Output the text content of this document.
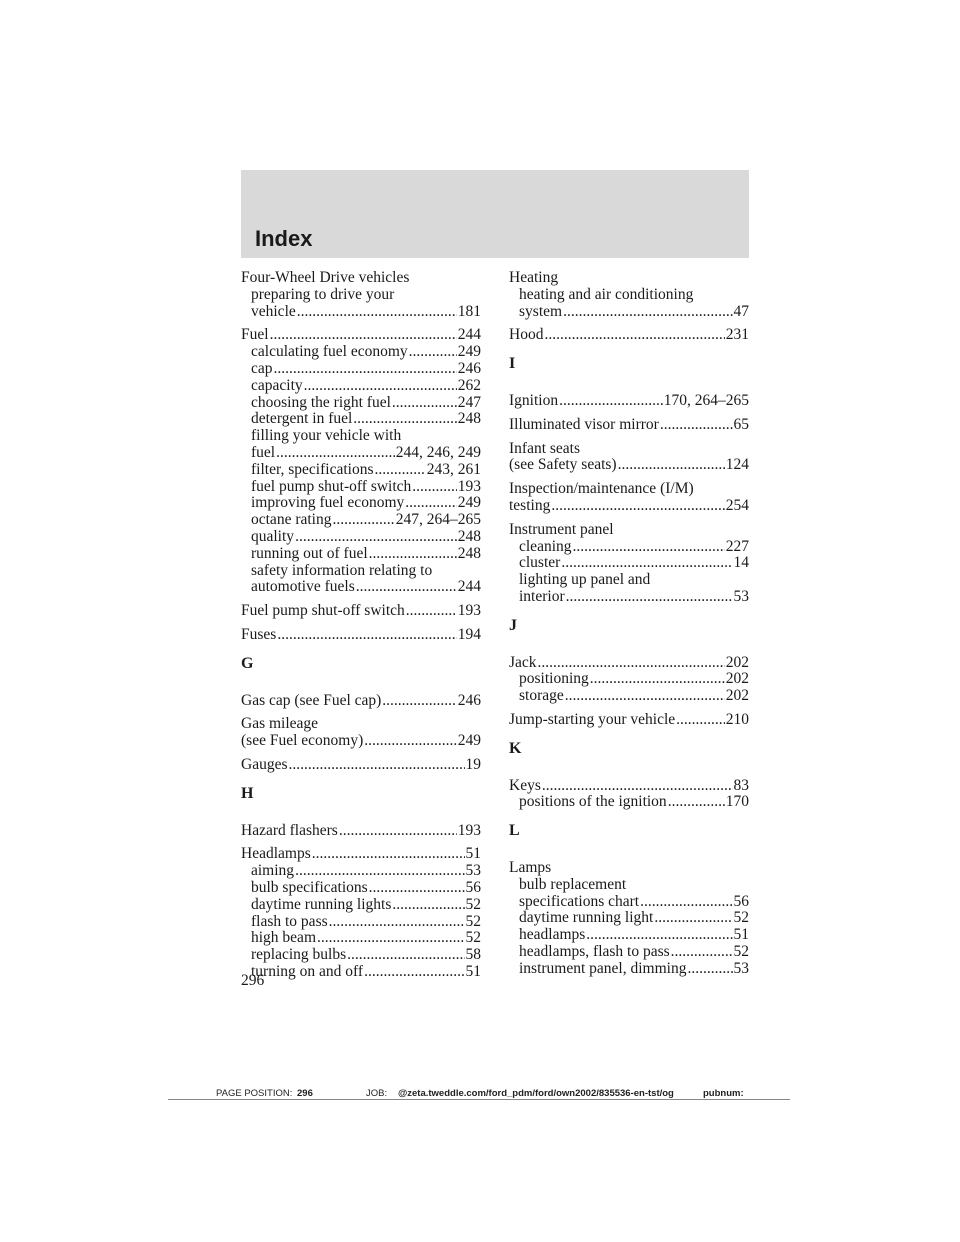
Index
Four-Wheel Drive vehicles
preparing to drive your
vehicle .....	181
Fuel .....	244
calculating fuel economy .....	249
cap .....	246
capacity .....	262
choosing the right fuel .....	247
detergent in fuel .....	248
filling your vehicle with
fuel .....	244, 246, 249
filter, specifications .....	243, 261
fuel pump shut-off switch .....	193
improving fuel economy .....	249
octane rating .....	247, 264–265
quality .....	248
running out of fuel .....	248
safety information relating to
automotive fuels .....	244
Fuel pump shut-off switch .....	193
Fuses .....	194
G
Gas cap (see Fuel cap) .....	246
Gas mileage
(see Fuel economy) .....	249
Gauges .....	19
H
Hazard flashers .....	193
Headlamps .....	51
aiming .....	53
bulb specifications .....	56
daytime running lights .....	52
flash to pass .....	52
high beam .....	52
replacing bulbs .....	58
turning on and off .....	51
Heating
heating and air conditioning
system .....	47
Hood .....	231
I
Ignition .....	170, 264–265
Illuminated visor mirror .....	65
Infant seats
(see Safety seats) .....	124
Inspection/maintenance (I/M)
testing .....	254
Instrument panel
cleaning .....	227
cluster .....	14
lighting up panel and
interior .....	53
J
Jack .....	202
positioning .....	202
storage .....	202
Jump-starting your vehicle .....	210
K
Keys .....	83
positions of the ignition .....	170
L
Lamps
bulb replacement
specifications chart .....	56
daytime running light .....	52
headlamps .....	51
headlamps, flash to pass .....	52
instrument panel, dimming .....	53
296
PAGE POSITION: 296	JOB: @zeta.tweddle.com/ford_pdm/ford/own2002/835536-en-tst/og	pubnum:
